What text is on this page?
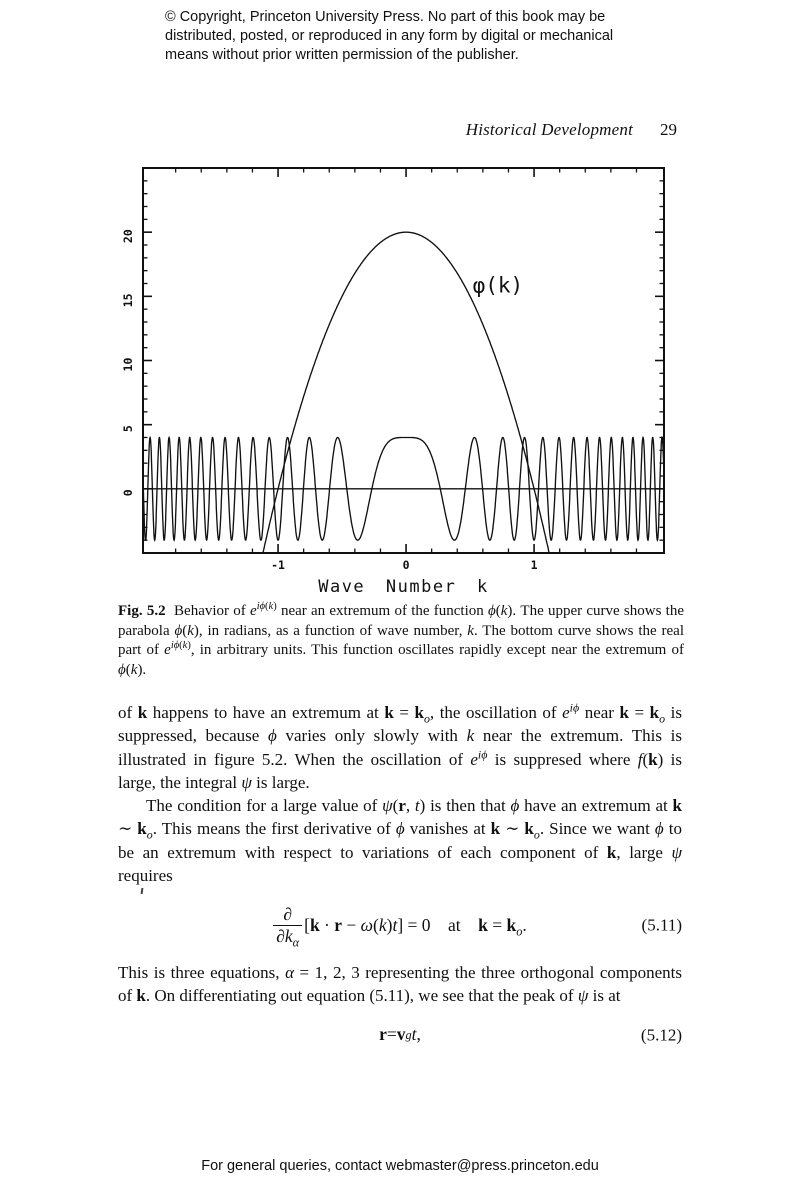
© Copyright, Princeton University Press. No part of this book may be
distributed, posted, or reproduced in any form by digital or mechanical
means without prior written permission of the publisher.
Historical Development 29
-1	0	1
0
5
10
15
20
φ(k)
Wave Number k
Fig. 5.2  Behavior of $e^{i\phi(k)}$ near an extremum of the function ϕ(k). The upper curve shows the parabola ϕ(k), in radians, as a function of wave number, k. The bottom curve shows the real part of $e^{i\phi(k)}$, in arbitrary units. This function oscillates rapidly except near the extremum of ϕ(k).

of k happens to have an extremum at $k = k_o$, the oscillation of $e^{i\phi}$ near $k = k_o$ is suppressed, because ϕ varies only slowly with k near the extremum. This is illustrated in figure 5.2. When the oscillation of $e^{i\phi}$ is suppresed where f(k) is large, the integral ψ is large.

The condition for a large value of ψ(r, t) is then that ϕ have an extremum at k ∼ $k_o$. This means the first derivative of ϕ vanishes at k ∼ $k_o$. Since we want ϕ to be an extremum with respect to variations of each component of k, large ψ requires

$\frac{\partial}{\partial k_\alpha} [k \cdot r - \omega(k)t] = 0$    at    $k = k_o$.	(5.11)

This is three equations, α = 1, 2, 3 representing the three orthogonal components of k. On differentiating out equation (5.11), we see that the peak of ψ is at

r = v g t ,	(5.12)
For general queries, contact webmaster@press.princeton.edu
